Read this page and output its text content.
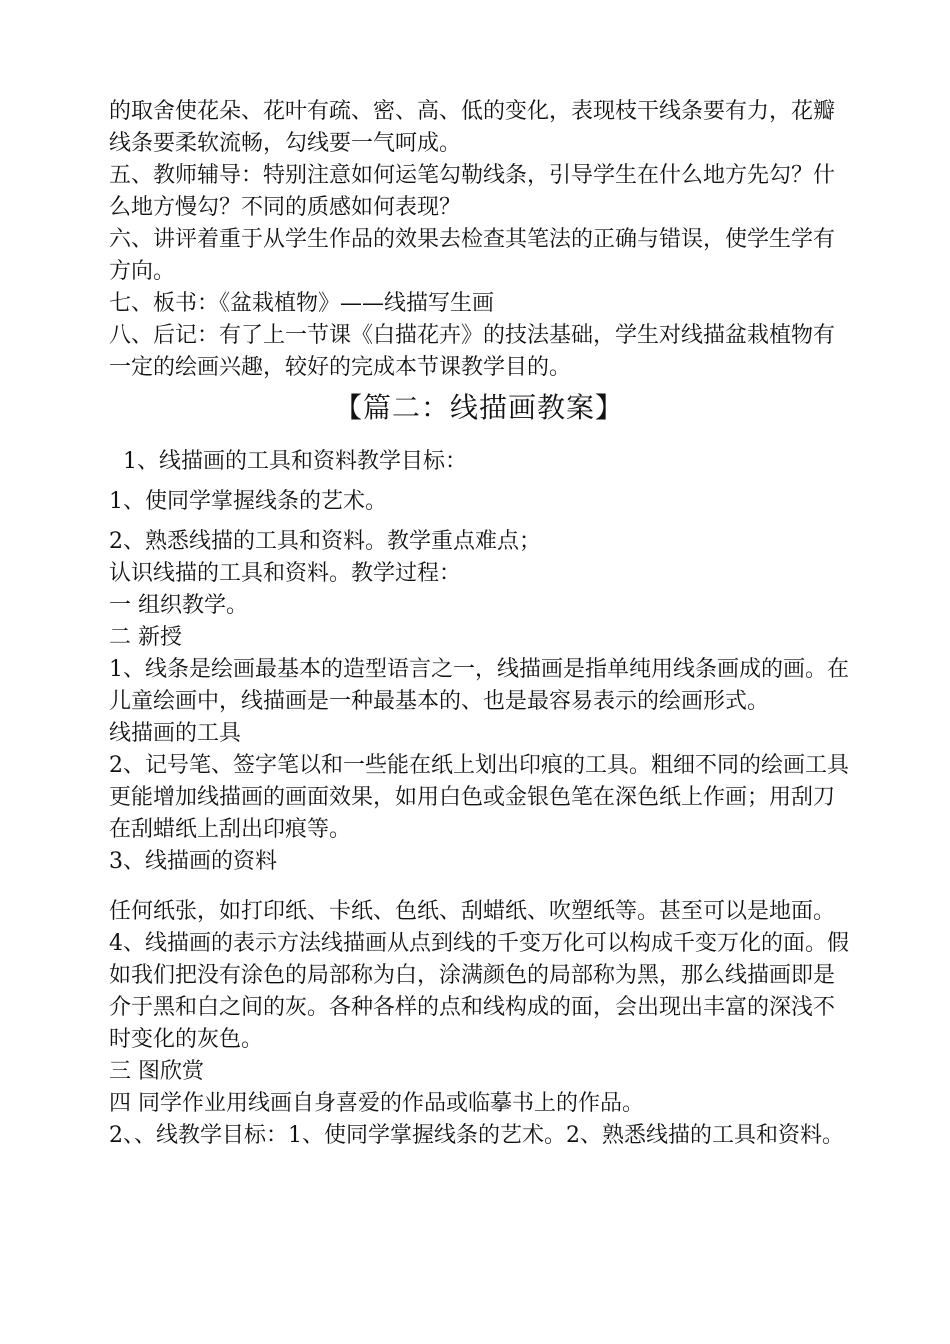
的取舍使花朵、花叶有疏、密、高、低的变化，表现枝干线条要有力，花瓣线条要柔软流畅，勾线要一气呵成。

五、教师辅导：特别注意如何运笔勾勒线条，引导学生在什么地方先勾？什么地方慢勾？不同的质感如何表现？

六、讲评着重于从学生作品的效果去检查其笔法的正确与错误，使学生学有方向。

七、板书：《盆栽植物》——线描写生画

八、后记：有了上一节课《白描花卉》的技法基础，学生对线描盆栽植物有一定的绘画兴趣，较好的完成本节课教学目的。

【篇二：线描画教案】

1、线描画的工具和资料教学目标：

1、使同学掌握线条的艺术。

2、熟悉线描的工具和资料。教学重点难点；

认识线描的工具和资料。教学过程：

一 组织教学。

二 新授

1、线条是绘画最基本的造型语言之一，线描画是指单纯用线条画成的画。在儿童绘画中，线描画是一种最基本的、也是最容易表示的绘画形式。

线描画的工具

2、记号笔、签字笔以和一些能在纸上划出印痕的工具。粗细不同的绘画工具更能增加线描画的画面效果，如用白色或金银色笔在深色纸上作画；用刮刀在刮蜡纸上刮出印痕等。

3、线描画的资料

任何纸张，如打印纸、卡纸、色纸、刮蜡纸、吹塑纸等。甚至可以是地面。

4、线描画的表示方法线描画从点到线的千变万化可以构成千变万化的面。假如我们把没有涂色的局部称为白，涂满颜色的局部称为黑，那么线描画即是介于黑和白之间的灰。各种各样的点和线构成的面，会出现出丰富的深浅不时变化的灰色。

三 图欣赏

四 同学作业用线画自身喜爱的作品或临摹书上的作品。

2、、线教学目标：1、使同学掌握线条的艺术。2、熟悉线描的工具和资料。
